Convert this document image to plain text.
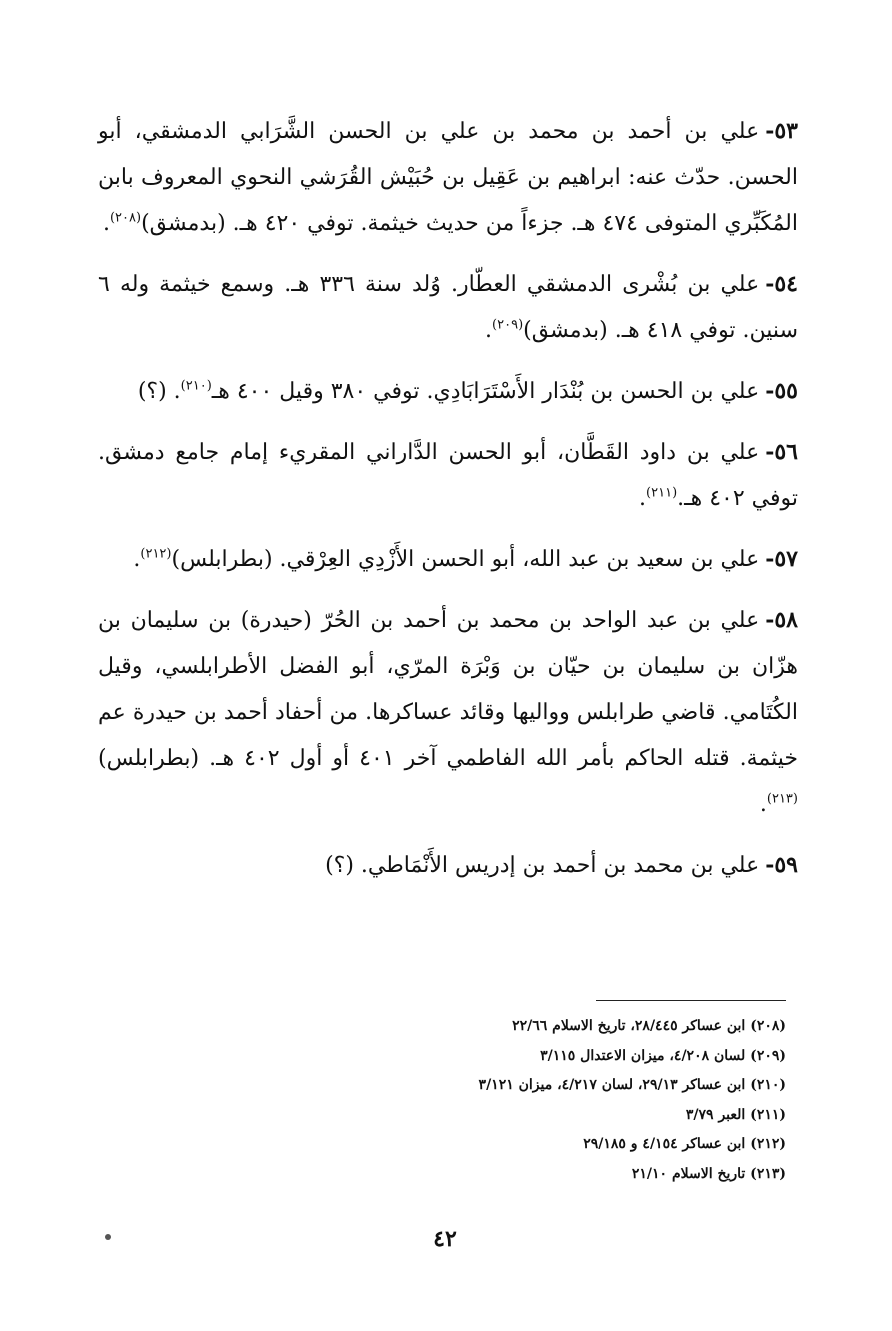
٥٣-علي بن أحمد بن محمد بن علي بن الحسن الشَّرَابي الدمشقي، أبو الحسن. حدّث عنه: ابراهيم بن عَقِيل بن حُبَيْش القُرَشي النحوي المعروف بابن المُكَبِّري المتوفى ٤٧٤ هـ. جزءاً من حديث خيثمة. توفي ٤٢٠ هـ. (بدمشق)$^{(٢٠٨)}$.

٥٤-علي بن بُشْرى الدمشقي العطّار. وُلد سنة ٣٣٦ هـ. وسمع خيثمة وله ٦ سنين. توفي ٤١٨ هـ. (بدمشق)$^{(٢٠٩)}$.

٥٥-علي بن الحسن بن بُنْدَار الأَسْتَرَابَادِي. توفي ٣٨٠ وقيل ٤٠٠ هـ$^{(٢١٠)}$. (؟)

٥٦-علي بن داود القَطَّان، أبو الحسن الدَّاراني المقريء إمام جامع دمشق. توفي ٤٠٢ هـ.$^{(٢١١)}$.

٥٧-علي بن سعيد بن عبد الله، أبو الحسن الأَزْدِي العِرْقي. (بطرابلس)$^{(٢١٢)}$.

٥٨-علي بن عبد الواحد بن محمد بن أحمد بن الحُرّ (حيدرة) بن سليمان بن هزّان بن سليمان بن حيّان بن وَبْرَة المرّي، أبو الفضل الأطرابلسي، وقيل الكُتَامي. قاضي طرابلس وواليها وقائد عساكرها. من أحفاد أحمد بن حيدرة عم خيثمة. قتله الحاكم بأمر الله الفاطمي آخر ٤٠١ أو أول ٤٠٢ هـ. (بطرابلس)$^{(٢١٣)}$.

٥٩-علي بن محمد بن أحمد بن إدريس الأَنْمَاطي. (؟)

(٢٠٨) ابن عساكر ٢٨/٤٤٥، تاريخ الاسلام ٢٢/٦٦
(٢٠٩) لسان ٤/٢٠٨، ميزان الاعتدال ٣/١١٥
(٢١٠) ابن عساكر ٢٩/١٣، لسان ٤/٢١٧، ميزان ٣/١٢١
(٢١١) العبر ٣/٧٩
(٢١٢) ابن عساكر ٤/١٥٤ و ٢٩/١٨٥
(٢١٣) تاريخ الاسلام ٢١/١٠
٤٢
